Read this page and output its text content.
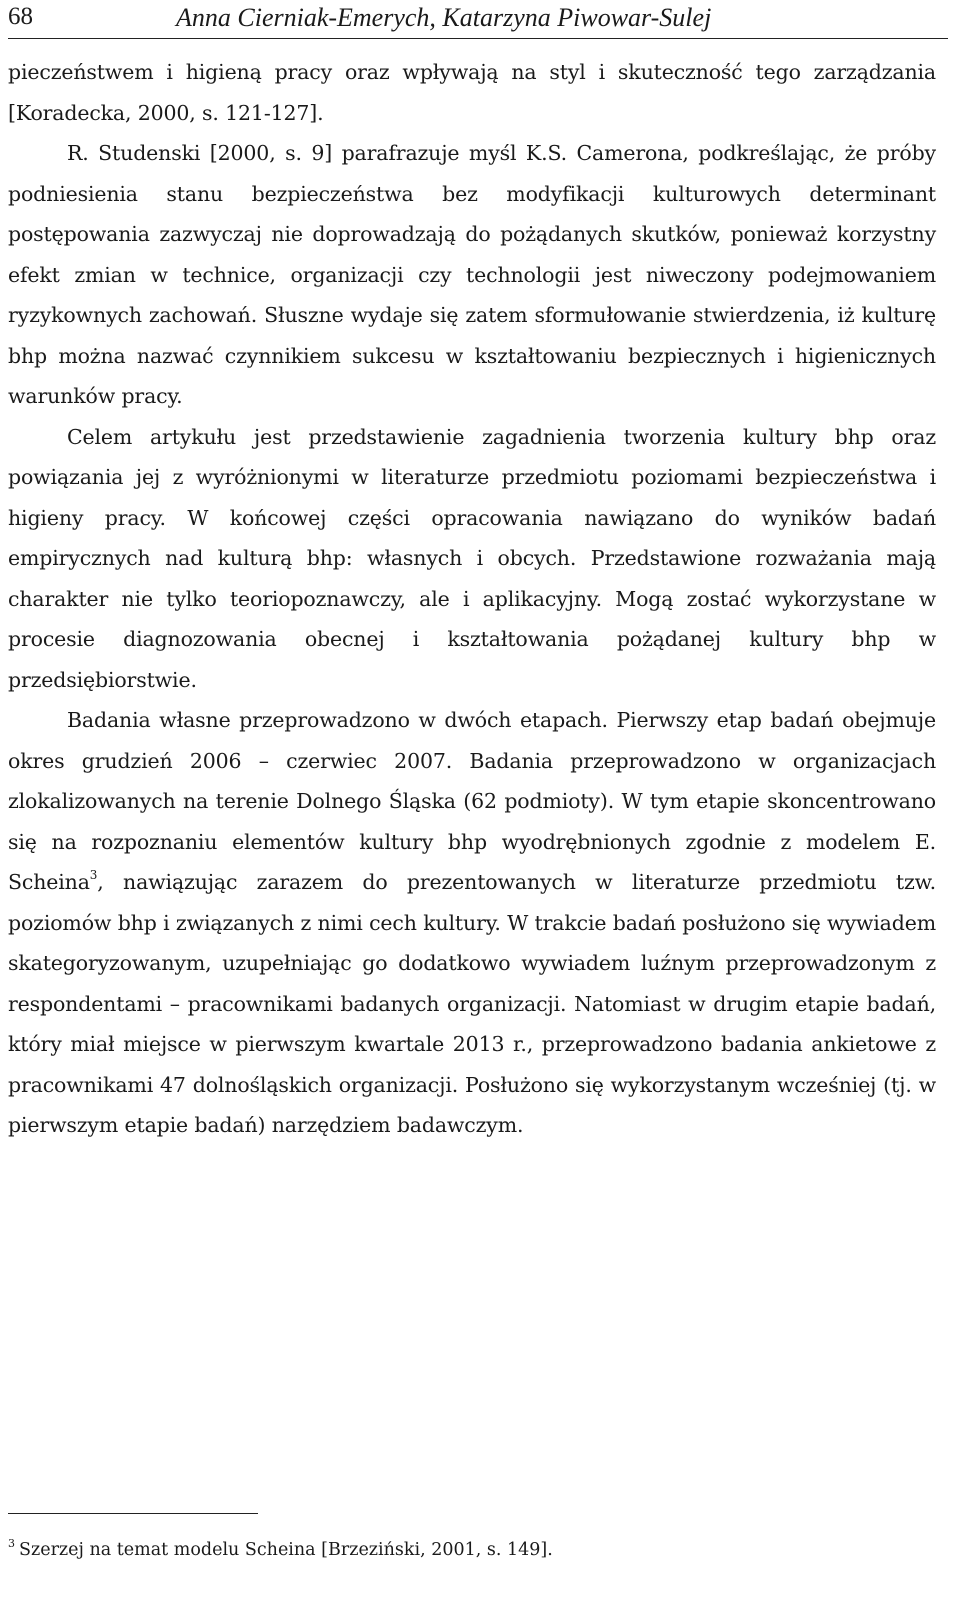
68	Anna Cierniak-Emerych, Katarzyna Piwowar-Sulej

pieczeństwem i higieną pracy oraz wpływają na styl i skuteczność tego zarządzania [Koradecka, 2000, s. 121-127].

R. Studenski [2000, s. 9] parafrazuje myśl K.S. Camerona, podkreślając, że próby podniesienia stanu bezpieczeństwa bez modyfikacji kulturowych determinant postępowania zazwyczaj nie doprowadzają do pożądanych skutków, ponieważ korzystny efekt zmian w technice, organizacji czy technologii jest niweczony podejmowaniem ryzykownych zachowań. Słuszne wydaje się zatem sformułowanie stwierdzenia, iż kulturę bhp można nazwać czynnikiem sukcesu w kształtowaniu bezpiecznych i higienicznych warunków pracy.

Celem artykułu jest przedstawienie zagadnienia tworzenia kultury bhp oraz powiązania jej z wyróżnionymi w literaturze przedmiotu poziomami bezpieczeństwa i higieny pracy. W końcowej części opracowania nawiązano do wyników badań empirycznych nad kulturą bhp: własnych i obcych. Przedstawione rozważania mają charakter nie tylko teoriopoznawczy, ale i aplikacyjny. Mogą zostać wykorzystane w procesie diagnozowania obecnej i kształtowania pożądanej kultury bhp w przedsiębiorstwie.

Badania własne przeprowadzono w dwóch etapach. Pierwszy etap badań obejmuje okres grudzień 2006 – czerwiec 2007. Badania przeprowadzono w organizacjach zlokalizowanych na terenie Dolnego Śląska (62 podmioty). W tym etapie skoncentrowano się na rozpoznaniu elementów kultury bhp wyodrębnionych zgodnie z modelem E. Scheina$^3$, nawiązując zarazem do prezentowanych w literaturze przedmiotu tzw. poziomów bhp i związanych z nimi cech kultury. W trakcie badań posłużono się wywiadem skategoryzowanym, uzupełniając go dodatkowo wywiadem luźnym przeprowadzonym z respondentami – pracownikami badanych organizacji. Natomiast w drugim etapie badań, który miał miejsce w pierwszym kwartale 2013 r., przeprowadzono badania ankietowe z pracownikami 47 dolnośląskich organizacji. Posłużono się wykorzystanym wcześniej (tj. w pierwszym etapie badań) narzędziem badawczym.

$^3$ Szerzej na temat modelu Scheina [Brzeziński, 2001, s. 149].
